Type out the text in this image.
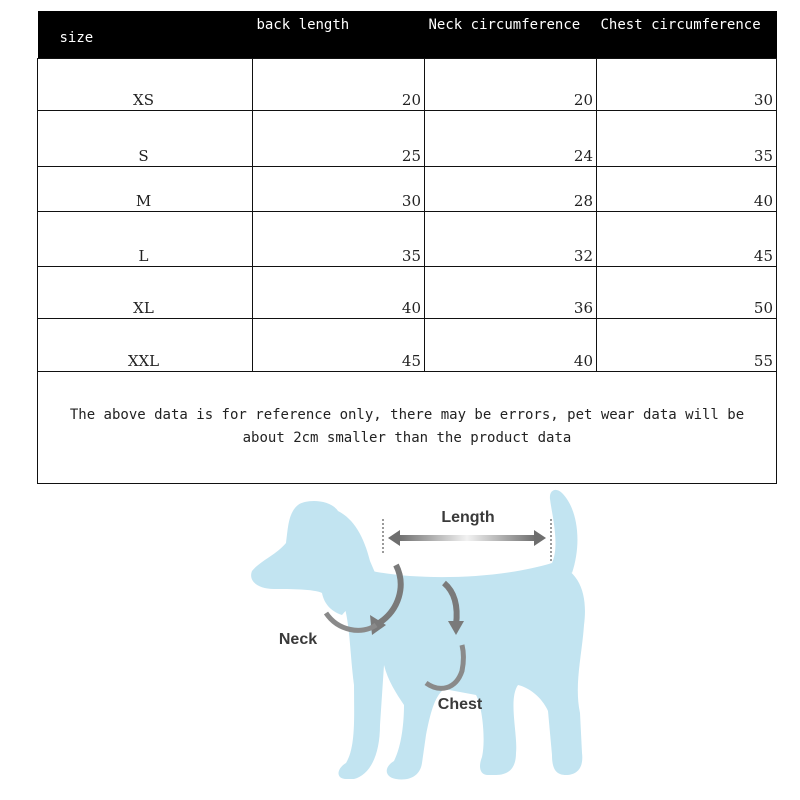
size	back length	Neck circumference	Chest circumference
XS	20	20	30
S	25	24	35
M	30	28	40
L	35	32	45
XL	40	36	50
XXL	45	40	55
The above data is for reference only, there may be errors, pet wear data will be about 2cm smaller than the product data			
Length
Neck
Chest
